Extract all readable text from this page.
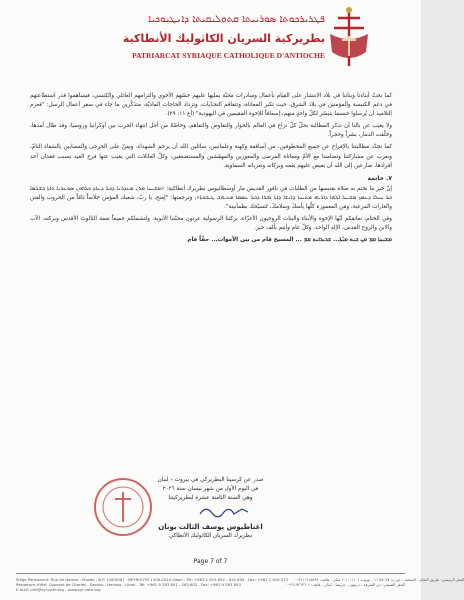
ܦܛܪܝܪܟܘܬܐ ܣܘܪܝܝܬܐ ܩܬܘܠܝܩܝܬܐ ܕܐܢܛܝܘܟܝܐ
بطريركية السريان الكاثوليك الأنطاكية
PATRIARCAT SYRIAQUE CATHOLIQUE D'ANTIOCHE

كما نحثّ أبناءنا وبناتنا في بلاد الانتشار على القيام بأعمال ومبادرات محبّة يمليها عليهم حسّهم الأخوي والتزامهم العائلي والكنسي، فيساهموا قدر استطاعتهم في دعم الكنيسة والمؤمنين في بلاد الشرق، حيث تكبر المعاناة، وتتفاقم التحدّيات، وتزداد الحاجات الماديّة، متذكّرين ما جاء في سفر أعمال الرسل: "فعزم التلاميذ أن يُرسلوا حسبما يتيسّر لكلّ واحدٍ منهم، إسعافاً للإخوة المقيمين في اليهودية" (أع ١١: ٢٩).

ولا يغيب عن بالنا أن نذكر المطالبة بحلّ كلّ نزاع في العالم بالحوار والتفاوض والتفاهم، وخاصّةً من أجل انتهاء الحرب بين أوكرانيا وروسيا، وقد طال أمدها، وخلّفت الدمار، بشراً وحجراً.

كما نجدّد مطالبتنا بالإفراج عن جميع المخطوفين، من أساقفة وكهنة وعلمانيين، سائلين الله أن يرحم الشهداء، ويمنّ على الجرحى والمصابين بالشفاء التامّ، ونعرب عن مشاركتنا وتضامننا مع الأمّ ومعاناة المرضى والمعوزين والمهمّشين والمستضعفين، وكلّ العائلات التي يغيب عنها فرح العيد بسبب فقدان أحد أفرادها، ضارعين إلى الله أن يفيض عليهم نِعَمه وبركاته وتعزياته السماوية.

٧. خاتمة

إنّ خير ما نختم به صلاة نقتبسها من الطلبات في ناقور القديس مار أوسطاثيوس بطريرك أنطاكية: «ܡܫܝܚܐ ܡܪܢ ܡܥܕܪܢܐ ܕܟܠ ܕܥܐܕ ܟܠܗܘܢ ܣܘܥܪܢܐ ܘܐܬܐ ܒܫܠܡܐ ܟܠ ܚܝܠܐ ܕܥܡܟ ܡܫܝܚܐ ܐܠܗܐ ܕܐܪܝܗܝ ܡܬܝܚܐ ܕܐܢܫܐ ܕܐܬܐ ܓܒܪܐ ܕܟܠ ܥܡܡܐ ܡܬܝܗܒ ܛܝܒܘܬܐ»، وترجمتها: "إمنح، يا ربّ، شعبك المؤمن خلاصاً تامّاً من الحروب والفتن والغارات المرعبة، ومَن المعمورة كلّها بأمنكَ وسلامكَ، لتسبّحك بطمأنينة".

وفي الختام، نعانقكم أيّها الإخوة والأبناء والبنات الروحيون الأعزّاء، بركتنا الرسولية عربون محبّتنا الأبوية. ولتشملكم جميعاً نعمة الثالوث الأقدس وبركته، الآب والابن والروح القدس، الإله الواحد. وكلّ عام وأنتم بألف خير.

ܡܫܝܚܐ ܩܡ ܡܢ ܒܝܬ ܡܝ̈ܬܐ... ܫܪܝܪܐܝܬ ܩܡ ... المسيح قام من بين الأموات... حقّاً قام

صدر عن كرسينا البطريركي في بيروت – لبنان
في اليوم الأول من شهر نيسان سنة ٢٠٢٦
وهي السنة الثامنة عشرة لبطريركيتنا
اغناطيوس يوسف الثالث يونان
بطريرك السريان الكاثوليك الأنطاكي
Page 7 of 7
Siège Permanent: Rue de Damas - Musée - B.P. 116/5087 - BEYROUTH 1106-2010 Liban - Tél: +961 1 615 892 - 615 894 - Fax: +961 1 616 573 المقر الرئيسي: طريق الشام - المتحف - ص.ب ١١٦/٥٠٨٧ - بيروت ١١٠٦-٢٠١٠ لبنان - هاتف: ٠٠٩٦١١٦١٥٨٩٢
Résidence d'été: Couvent de Charfet - Daroun - Harissa - Liban - Tél: +961 9 263 601 - 263 602 - Fax: +961 9 263 603	المقر الصيفي: دير الشرفة - درعون - حريصا - لبنان - هاتف: ٠٠٩٦١٩٢٦٣٦٠١
E-mail: info@syr-cath.org - www.syr-cath.org
